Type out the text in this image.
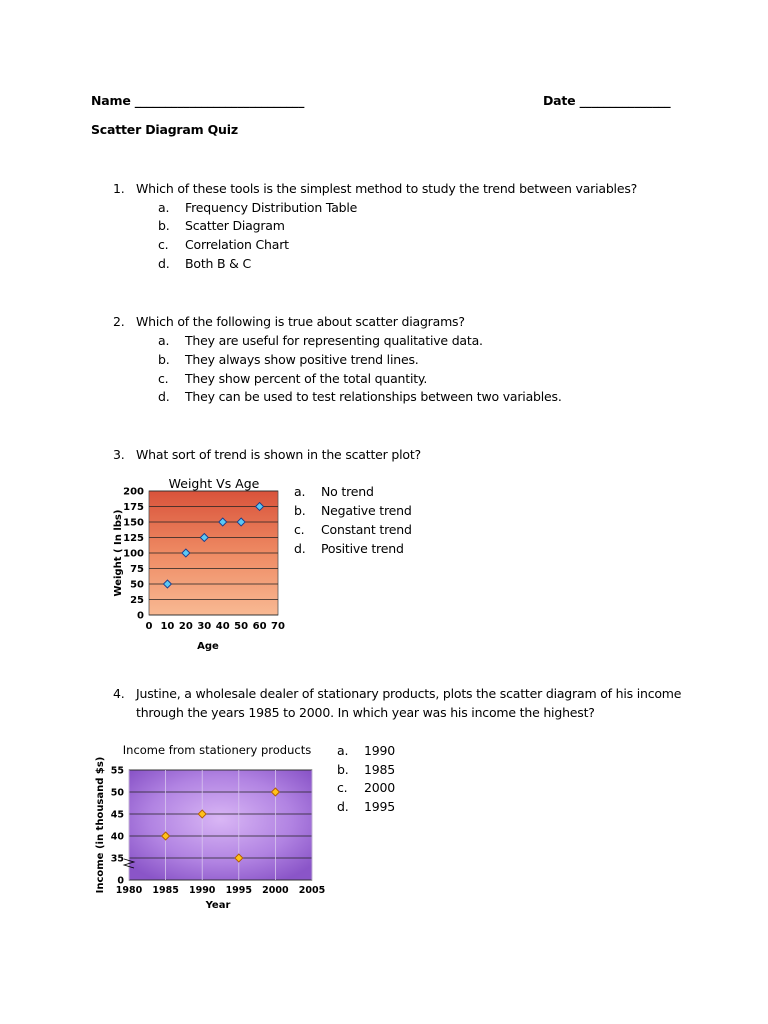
Name ____________________________	Date _______________
Scatter Diagram Quiz
1. Which of these tools is the simplest method to study the trend between variables?
a. Frequency Distribution Table
b. Scatter Diagram
c. Correlation Chart
d. Both B & C
2. Which of the following is true about scatter diagrams?
a. They are useful for representing qualitative data.
b. They always show positive trend lines.
c. They show percent of the total quantity.
d. They can be used to test relationships between two variables.
3. What sort of trend is shown in the scatter plot?
a. No trend
b. Negative trend
c. Constant trend
d. Positive trend
0
25
50
75
100
125
150
175
200
0 10 20 30 40 50 60 70
Weight Vs Age
Age
Weight ( In lbs)
4. Justine, a wholesale dealer of stationary products, plots the scatter diagram of his income
through the years 1985 to 2000. In which year was his income the highest?
a. 1990
b. 1985
c. 2000
d. 1995
0
35
40
45
50
55
1980 1985 1990 1995 2000 2005
Income from stationery products
Year
Income (in thousand $s)
